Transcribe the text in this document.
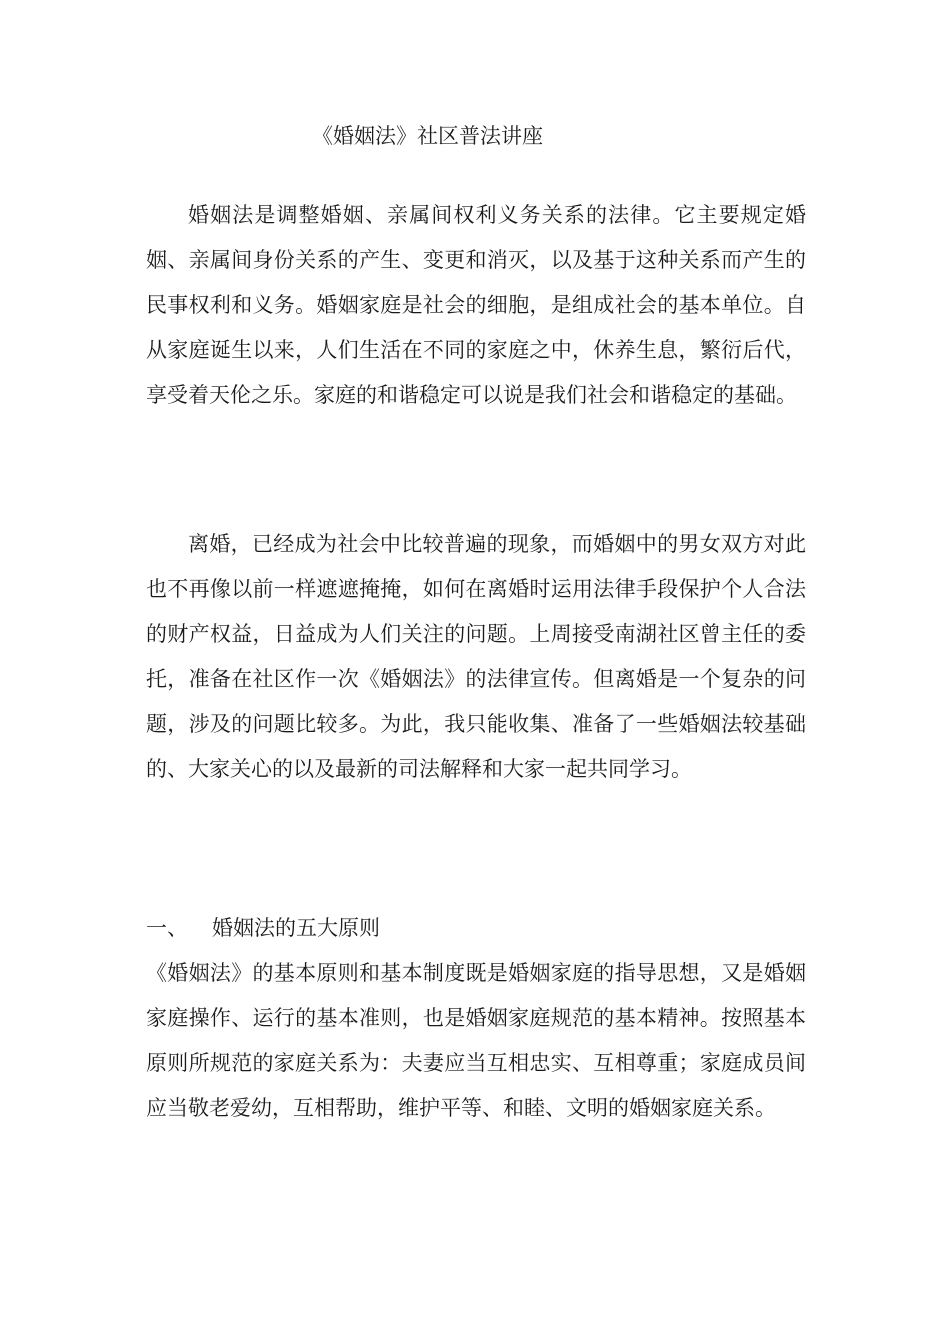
《婚姻法》社区普法讲座

婚姻法是调整婚姻、亲属间权利义务关系的法律。它主要规定婚姻、亲属间身份关系的产生、变更和消灭，以及基于这种关系而产生的民事权利和义务。婚姻家庭是社会的细胞，是组成社会的基本单位。自从家庭诞生以来，人们生活在不同的家庭之中，休养生息，繁衍后代，享受着天伦之乐。家庭的和谐稳定可以说是我们社会和谐稳定的基础。

离婚，已经成为社会中比较普遍的现象，而婚姻中的男女双方对此也不再像以前一样遮遮掩掩，如何在离婚时运用法律手段保护个人合法的财产权益，日益成为人们关注的问题。上周接受南湖社区曾主任的委托，准备在社区作一次《婚姻法》的法律宣传。但离婚是一个复杂的问题，涉及的问题比较多。为此，我只能收集、准备了一些婚姻法较基础的、大家关心的以及最新的司法解释和大家一起共同学习。

一、 婚姻法的五大原则

《婚姻法》的基本原则和基本制度既是婚姻家庭的指导思想，又是婚姻家庭操作、运行的基本准则，也是婚姻家庭规范的基本精神。按照基本原则所规范的家庭关系为：夫妻应当互相忠实、互相尊重；家庭成员间应当敬老爱幼，互相帮助，维护平等、和睦、文明的婚姻家庭关系。
